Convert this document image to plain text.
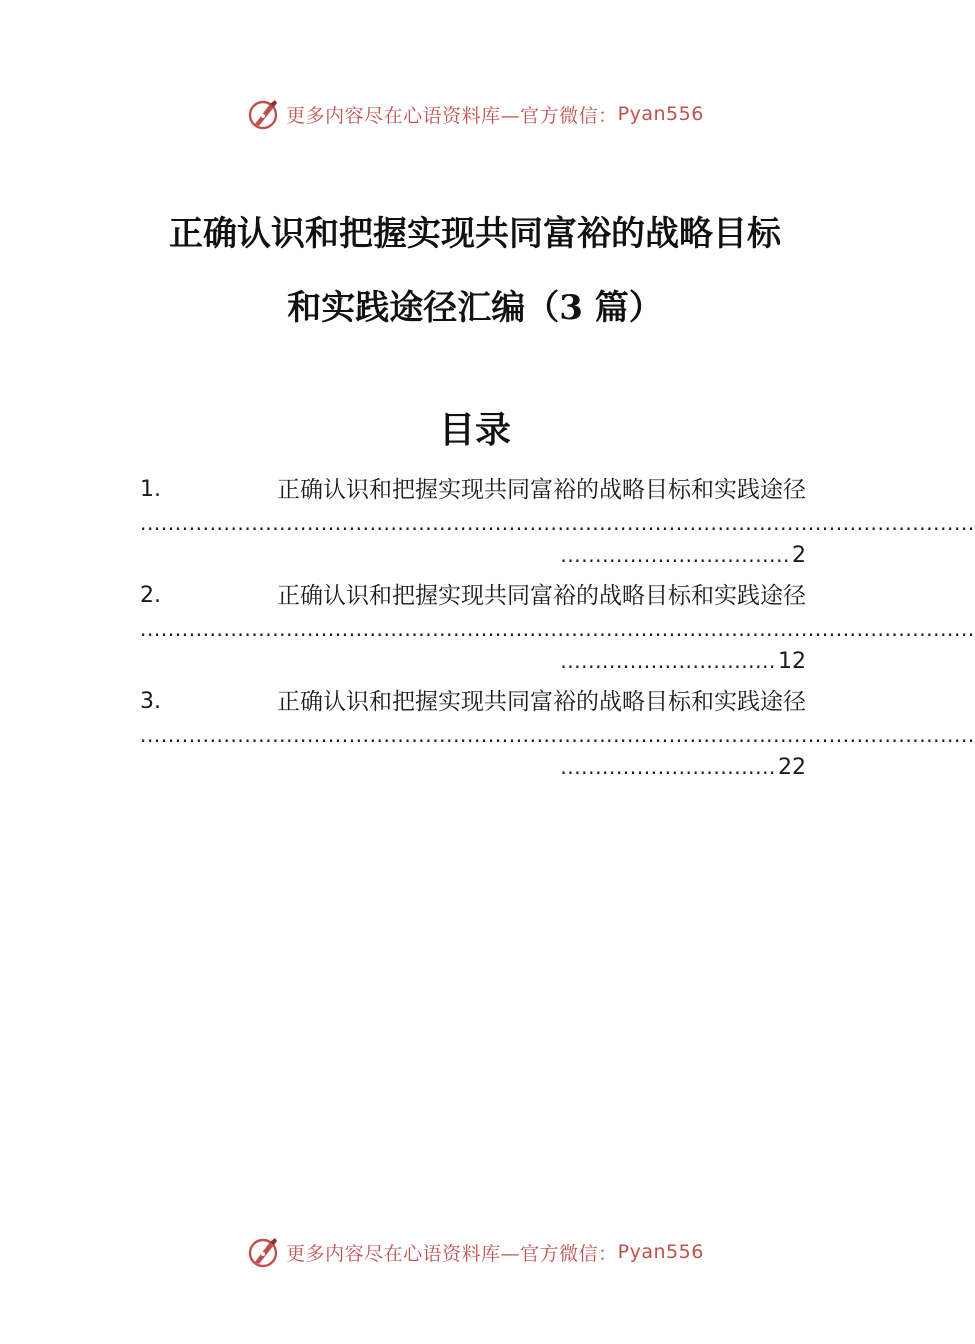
更多内容尽在心语资料库—官方微信： Pyan556
正确认识和把握实现共同富裕的战略目标
和实践途径汇编（3 篇）
目录
1.	正确认识和把握实现共同富裕的战略目标和实践途径
........................................................................................................................
................................. 2
2.	正确认识和把握实现共同富裕的战略目标和实践途径
........................................................................................................................
............................... 12
3.	正确认识和把握实现共同富裕的战略目标和实践途径
........................................................................................................................
............................... 22
更多内容尽在心语资料库—官方微信： Pyan556
